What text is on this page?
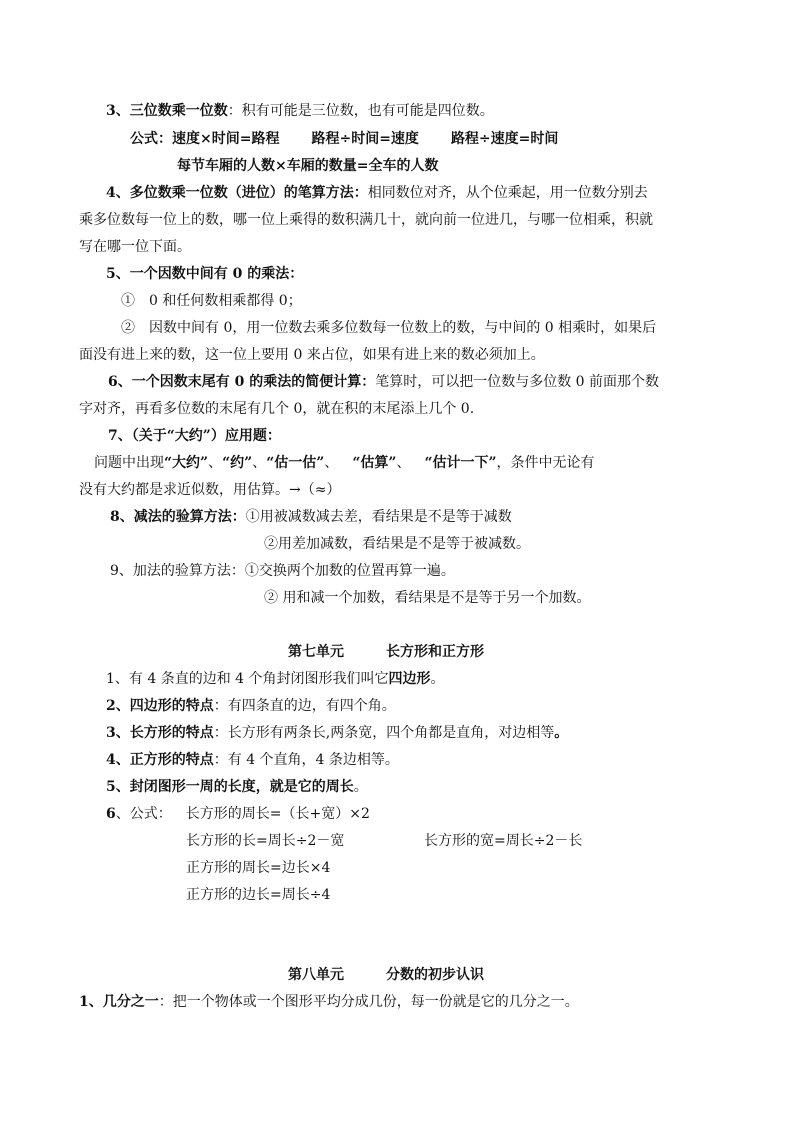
3、三位数乘一位数：积有可能是三位数，也有可能是四位数。
公式：速度×时间=路程 路程÷时间=速度 路程÷速度=时间
每节车厢的人数×车厢的数量=全车的人数
4、多位数乘一位数（进位）的笔算方法：相同数位对齐，从个位乘起，用一位数分别去
乘多位数每一位上的数，哪一位上乘得的数积满几十，就向前一位进几，与哪一位相乘，积就
写在哪一位下面。
5、一个因数中间有 0 的乘法：
①　0 和任何数相乘都得 0；
②　因数中间有 0，用一位数去乘多位数每一位数上的数，与中间的 0 相乘时，如果后
面没有进上来的数，这一位上要用 0 来占位，如果有进上来的数必须加上。
6、一个因数末尾有 0 的乘法的简便计算：笔算时，可以把一位数与多位数 0 前面那个数
字对齐，再看多位数的末尾有几个 0，就在积的末尾添上几个 0.
7、（关于“大约”）应用题：
问题中出现“大约”、“约”、“估一估”、 “估算”、 “估计一下”，条件中无论有
没有大约都是求近似数，用估算。→（≈）
8、减法的验算方法：①用被减数减去差，看结果是不是等于减数
②用差加减数，看结果是不是等于被减数。
9、加法的验算方法：①交换两个加数的位置再算一遍。
② 用和减一个加数，看结果是不是等于另一个加数。
第七单元	长方形和正方形
1、有 4 条直的边和 4 个角封闭图形我们叫它四边形。
2、四边形的特点：有四条直的边，有四个角。
3、长方形的特点：长方形有两条长,两条宽，四个角都是直角，对边相等。
4、正方形的特点：有 4 个直角，4 条边相等。
5、封闭图形一周的长度，就是它的周长。
6、公式： 长方形的周长=（长+宽）×2
长方形的长=周长÷2－宽	长方形的宽=周长÷2－长
正方形的周长=边长×4
正方形的边长=周长÷4
第八单元	分数的初步认识
1、几分之一：把一个物体或一个图形平均分成几份，每一份就是它的几分之一。
